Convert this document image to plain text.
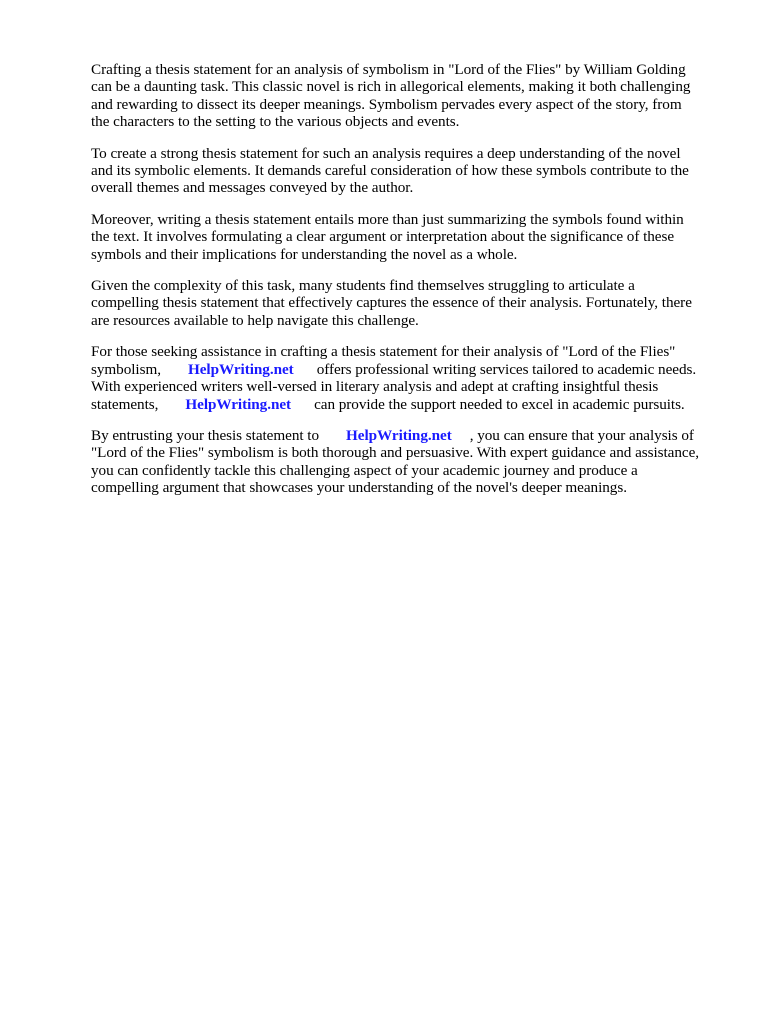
Crafting a thesis statement for an analysis of symbolism in "Lord of the Flies" by William Golding
can be a daunting task. This classic novel is rich in allegorical elements, making it both challenging
and rewarding to dissect its deeper meanings. Symbolism pervades every aspect of the story, from
the characters to the setting to the various objects and events.

To create a strong thesis statement for such an analysis requires a deep understanding of the novel
and its symbolic elements. It demands careful consideration of how these symbols contribute to the
overall themes and messages conveyed by the author.

Moreover, writing a thesis statement entails more than just summarizing the symbols found within
the text. It involves formulating a clear argument or interpretation about the significance of these
symbols and their implications for understanding the novel as a whole.

Given the complexity of this task, many students find themselves struggling to articulate a
compelling thesis statement that effectively captures the essence of their analysis. Fortunately, there
are resources available to help navigate this challenge.

For those seeking assistance in crafting a thesis statement for their analysis of "Lord of the Flies"
symbolism, HelpWriting.net offers professional writing services tailored to academic needs.
With experienced writers well-versed in literary analysis and adept at crafting insightful thesis
statements, HelpWriting.net can provide the support needed to excel in academic pursuits.

By entrusting your thesis statement to HelpWriting.net , you can ensure that your analysis of
"Lord of the Flies" symbolism is both thorough and persuasive. With expert guidance and assistance,
you can confidently tackle this challenging aspect of your academic journey and produce a
compelling argument that showcases your understanding of the novel's deeper meanings.
